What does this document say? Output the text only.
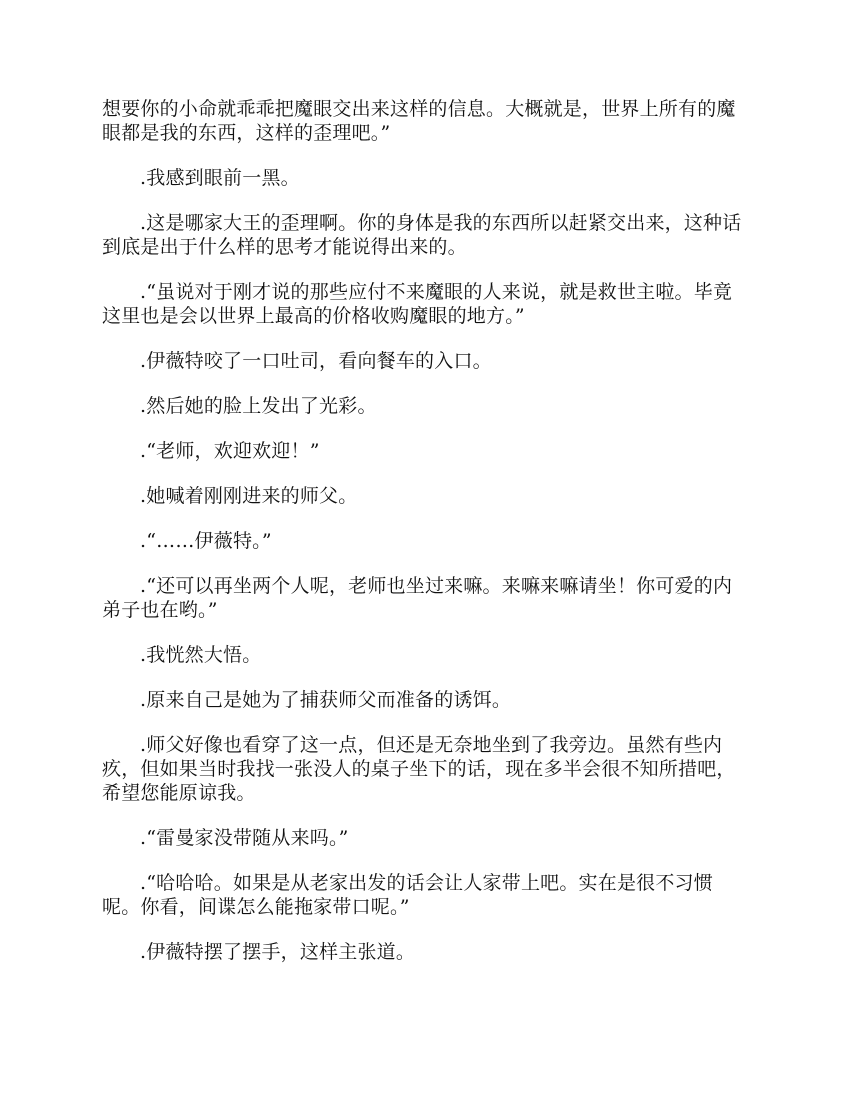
想要你的小命就乖乖把魔眼交出来这样的信息。大概就是，世界上所有的魔眼都是我的东西，这样的歪理吧。”

.我感到眼前一黑。

.这是哪家大王的歪理啊。你的身体是我的东西所以赶紧交出来，这种话到底是出于什么样的思考才能说得出来的。

.“虽说对于刚才说的那些应付不来魔眼的人来说，就是救世主啦。毕竟这里也是会以世界上最高的价格收购魔眼的地方。”

.伊薇特咬了一口吐司，看向餐车的入口。

.然后她的脸上发出了光彩。

.“老师，欢迎欢迎！”

.她喊着刚刚进来的师父。

.“……伊薇特。”

.“还可以再坐两个人呢，老师也坐过来嘛。来嘛来嘛请坐！你可爱的内弟子也在哟。”

.我恍然大悟。

.原来自己是她为了捕获师父而准备的诱饵。

.师父好像也看穿了这一点，但还是无奈地坐到了我旁边。虽然有些内疚，但如果当时我找一张没人的桌子坐下的话，现在多半会很不知所措吧，希望您能原谅我。

.“雷曼家没带随从来吗。”

.“哈哈哈。如果是从老家出发的话会让人家带上吧。实在是很不习惯呢。你看，间谍怎么能拖家带口呢。”

.伊薇特摆了摆手，这样主张道。
